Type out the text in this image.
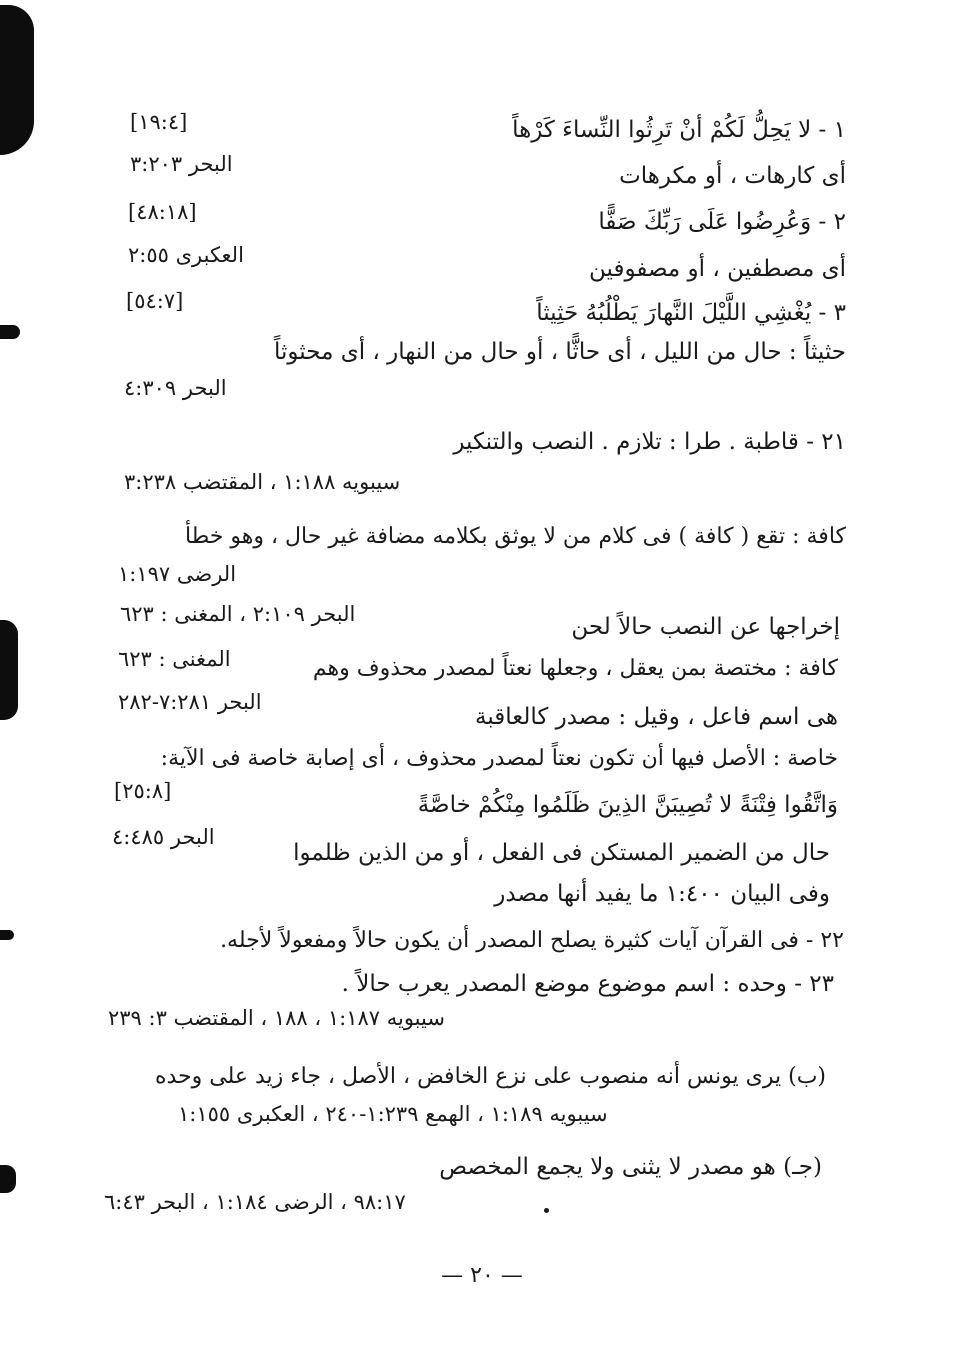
١ - لا يَحِلُّ لَكُمْ أنْ تَرِثُوا النِّساءَ كَرْهاً
أى كارهات ، أو مكرهات
٢ - وَعُرِضُوا عَلَى رَبِّكَ صَفًّا
أى مصطفين ، أو مصفوفين
٣ - يُغْشِي اللَّيْلَ النَّهارَ يَطْلُبُهُ حَثِيثاً
حثيثاً : حال من الليل ، أى حاثًّا ، أو حال من النهار ، أى محثوثاً
٢١ - قاطبة . طرا : تلازم . النصب والتنكير
كافة : تقع ( كافة ) فى كلام من لا يوثق بكلامه مضافة غير حال ، وهو خطأ
إخراجها عن النصب حالاً لحن
كافة : مختصة بمن يعقل ، وجعلها نعتاً لمصدر محذوف وهم
هى اسم فاعل ، وقيل : مصدر كالعاقبة
خاصة : الأصل فيها أن تكون نعتاً لمصدر محذوف ، أى إصابة خاصة فى الآية:
وَاتَّقُوا فِتْنَةً لا تُصِيبَنَّ الذِينَ ظَلَمُوا مِنْكُمْ خاصَّةً
حال من الضمير المستكن فى الفعل ، أو من الذين ظلموا
وفى البيان ١:٤٠٠ ما يفيد أنها مصدر
٢٢ - فى القرآن آيات كثيرة يصلح المصدر أن يكون حالاً ومفعولاً لأجله.
٢٣ - وحده : اسم موضوع موضع المصدر يعرب حالاً .
(ب) يرى يونس أنه منصوب على نزع الخافض ، الأصل ، جاء زيد على وحده
(جـ) هو مصدر لا يثنى ولا يجمع المخصص
[١٩:٤]
البحر ٣:٢٠٣
[٤٨:١٨]
العكبرى ٢:٥٥
[٥٤:٧]
البحر ٤:٣٠٩
سيبويه ١:١٨٨ ، المقتضب ٣:٢٣٨
الرضى ١:١٩٧
البحر ٢:١٠٩ ، المغنى : ٦٢٣
المغنى : ٦٢٣
البحر ٧:٢٨١-٢٨٢
[٢٥:٨]
البحر ٤:٤٨٥
سيبويه ١:١٨٧ ، ١٨٨ ، المقتضب ٣: ٢٣٩
سيبويه ١:١٨٩ ، الهمع ١:٢٣٩-٢٤٠ ، العكبرى ١:١٥٥
٩٨:١٧ ، الرضى ١:١٨٤ ، البحر ٦:٤٣
— ٢٠ —
